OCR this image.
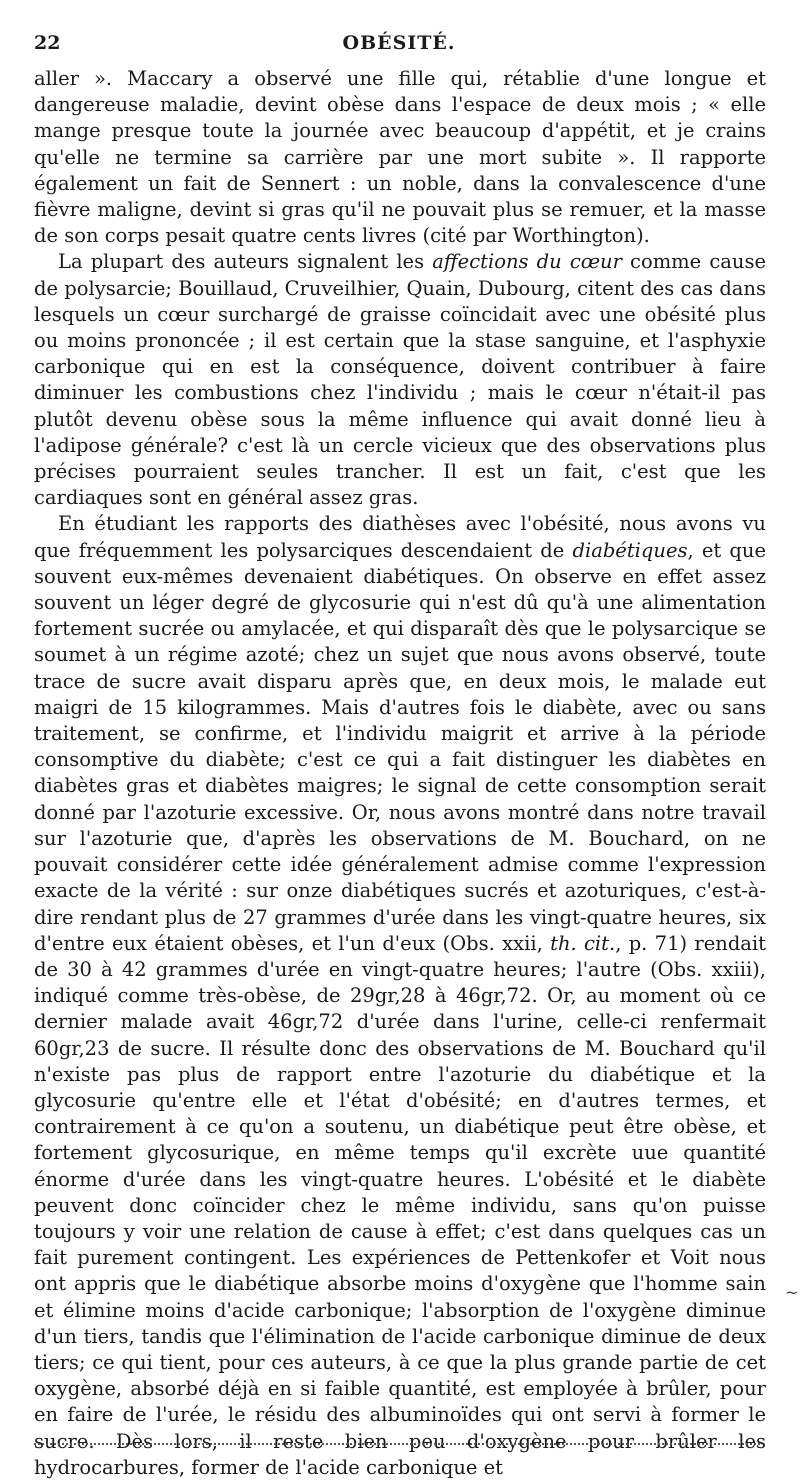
22	OBÉSITÉ.

aller ». Maccary a observé une fille qui, rétablie d'une longue et dangereuse maladie, devint obèse dans l'espace de deux mois ; « elle mange presque toute la journée avec beaucoup d'appétit, et je crains qu'elle ne termine sa carrière par une mort subite ». Il rapporte également un fait de Sennert : un noble, dans la convalescence d'une fièvre maligne, devint si gras qu'il ne pouvait plus se remuer, et la masse de son corps pesait quatre cents livres (cité par Worthington).

La plupart des auteurs signalent les affections du cœur comme cause de polysarcie; Bouillaud, Cruveilhier, Quain, Dubourg, citent des cas dans lesquels un cœur surchargé de graisse coïncidait avec une obésité plus ou moins prononcée ; il est certain que la stase sanguine, et l'asphyxie carbonique qui en est la conséquence, doivent contribuer à faire diminuer les combustions chez l'individu ; mais le cœur n'était-il pas plutôt devenu obèse sous la même influence qui avait donné lieu à l'adipose générale? c'est là un cercle vicieux que des observations plus précises pourraient seules trancher. Il est un fait, c'est que les cardiaques sont en général assez gras.

En étudiant les rapports des diathèses avec l'obésité, nous avons vu que fréquemment les polysarciques descendaient de diabétiques, et que souvent eux-mêmes devenaient diabétiques. On observe en effet assez souvent un léger degré de glycosurie qui n'est dû qu'à une alimentation fortement sucrée ou amylacée, et qui disparaît dès que le polysarcique se soumet à un régime azoté; chez un sujet que nous avons observé, toute trace de sucre avait disparu après que, en deux mois, le malade eut maigri de 15 kilogrammes. Mais d'autres fois le diabète, avec ou sans traitement, se confirme, et l'individu maigrit et arrive à la période consomptive du diabète; c'est ce qui a fait distinguer les diabètes en diabètes gras et diabètes maigres; le signal de cette consomption serait donné par l'azoturie excessive. Or, nous avons montré dans notre travail sur l'azoturie que, d'après les observations de M. Bouchard, on ne pouvait considérer cette idée généralement admise comme l'expression exacte de la vérité : sur onze diabétiques sucrés et azoturiques, c'est-à-dire rendant plus de 27 grammes d'urée dans les vingt-quatre heures, six d'entre eux étaient obèses, et l'un d'eux (Obs. xxii, th. cit., p. 71) rendait de 30 à 42 grammes d'urée en vingt-quatre heures; l'autre (Obs. xxiii), indiqué comme très-obèse, de 29gr,28 à 46gr,72. Or, au moment où ce dernier malade avait 46gr,72 d'urée dans l'urine, celle-ci renfermait 60gr,23 de sucre. Il résulte donc des observations de M. Bouchard qu'il n'existe pas plus de rapport entre l'azoturie du diabétique et la glycosurie qu'entre elle et l'état d'obésité; en d'autres termes, et contrairement à ce qu'on a soutenu, un diabétique peut être obèse, et fortement glycosurique, en même temps qu'il excrète uue quantité énorme d'urée dans les vingt-quatre heures. L'obésité et le diabète peuvent donc coïncider chez le même individu, sans qu'on puisse toujours y voir une relation de cause à effet; c'est dans quelques cas un fait purement contingent. Les expériences de Pettenkofer et Voit nous ont appris que le diabétique absorbe moins d'oxygène que l'homme sain et élimine moins d'acide carbonique; l'absorption de l'oxygène diminue d'un tiers, tandis que l'élimination de l'acide carbonique diminue de deux tiers; ce qui tient, pour ces auteurs, à ce que la plus grande partie de cet oxygène, absorbé déjà en si faible quantité, est employée à brûler, pour en faire de l'urée, le résidu des albuminoïdes qui ont servi à former le sucre. Dès lors, il reste bien peu d'oxygène pour brûler les hydrocarbures, former de l'acide carbonique et

~
